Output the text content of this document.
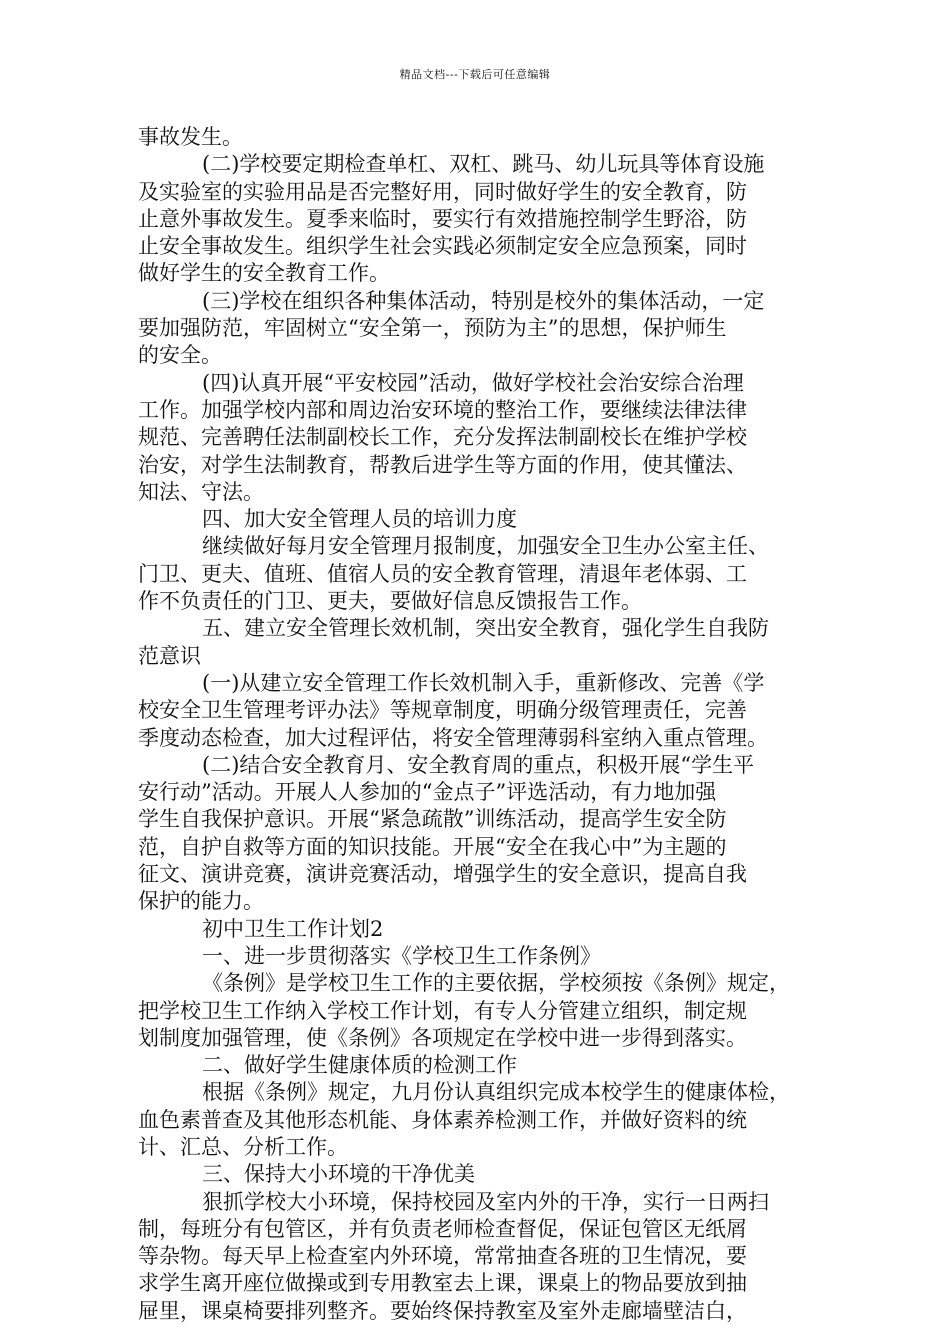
精品文档---下载后可任意编辑
事故发生。
(二)学校要定期检查单杠、双杠、跳马、幼儿玩具等体育设施
及实验室的实验用品是否完整好用，同时做好学生的安全教育，防
止意外事故发生。夏季来临时，要实行有效措施控制学生野浴，防
止安全事故发生。组织学生社会实践必须制定安全应急预案，同时
做好学生的安全教育工作。
(三)学校在组织各种集体活动，特别是校外的集体活动，一定
要加强防范，牢固树立“安全第一，预防为主”的思想，保护师生
的安全。
(四)认真开展“平安校园”活动，做好学校社会治安综合治理
工作。加强学校内部和周边治安环境的整治工作，要继续法律法律
规范、完善聘任法制副校长工作，充分发挥法制副校长在维护学校
治安，对学生法制教育，帮教后进学生等方面的作用，使其懂法、
知法、守法。
四、加大安全管理人员的培训力度
继续做好每月安全管理月报制度，加强安全卫生办公室主任、
门卫、更夫、值班、值宿人员的安全教育管理，清退年老体弱、工
作不负责任的门卫、更夫，要做好信息反馈报告工作。
五、建立安全管理长效机制，突出安全教育，强化学生自我防
范意识
(一)从建立安全管理工作长效机制入手，重新修改、完善《学
校安全卫生管理考评办法》等规章制度，明确分级管理责任，完善
季度动态检查，加大过程评估，将安全管理薄弱科室纳入重点管理。
(二)结合安全教育月、安全教育周的重点，积极开展“学生平
安行动”活动。开展人人参加的“金点子”评选活动，有力地加强
学生自我保护意识。开展“紧急疏散”训练活动，提高学生安全防
范，自护自救等方面的知识技能。开展“安全在我心中”为主题的
征文、演讲竞赛，演讲竞赛活动，增强学生的安全意识，提高自我
保护的能力。
初中卫生工作计划2
一、进一步贯彻落实《学校卫生工作条例》
《条例》是学校卫生工作的主要依据，学校须按《条例》规定，
把学校卫生工作纳入学校工作计划，有专人分管建立组织，制定规
划制度加强管理，使《条例》各项规定在学校中进一步得到落实。
二、做好学生健康体质的检测工作
根据《条例》规定，九月份认真组织完成本校学生的健康体检，
血色素普查及其他形态机能、身体素养检测工作，并做好资料的统
计、汇总、分析工作。
三、保持大小环境的干净优美
狠抓学校大小环境，保持校园及室内外的干净，实行一日两扫
制，每班分有包管区，并有负责老师检查督促，保证包管区无纸屑
等杂物。每天早上检查室内外环境，常常抽查各班的卫生情况，要
求学生离开座位做操或到专用教室去上课，课桌上的物品要放到抽
屉里，课桌椅要排列整齐。要始终保持教室及室外走廊墙壁洁白，
